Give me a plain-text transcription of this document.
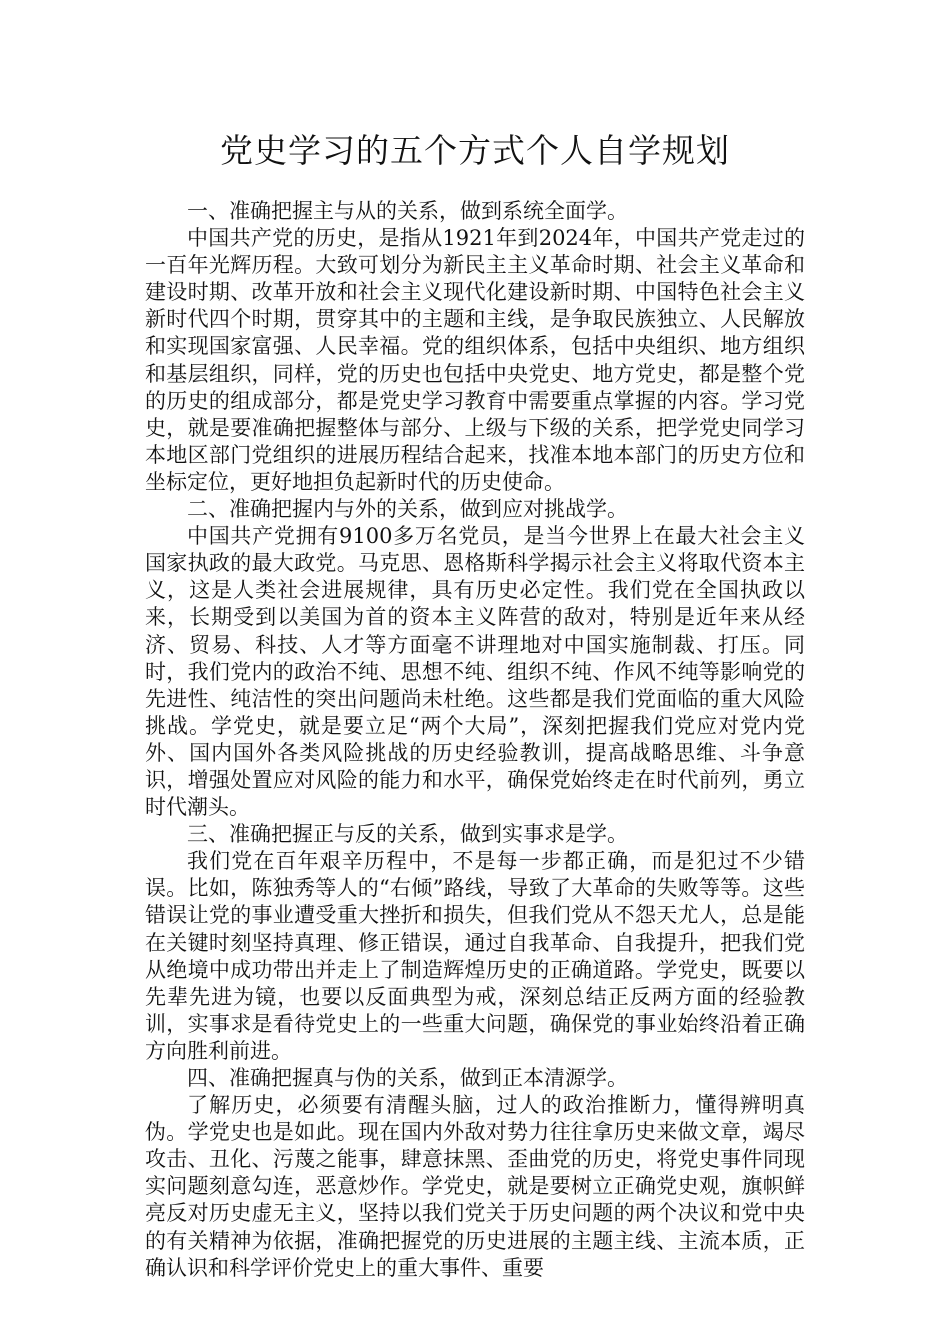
党史学习的五个方式个人自学规划

一、准确把握主与从的关系，做到系统全面学。

中国共产党的历史，是指从1921年到2024年，中国共产党走过的一百年光辉历程。大致可划分为新民主主义革命时期、社会主义革命和建设时期、改革开放和社会主义现代化建设新时期、中国特色社会主义新时代四个时期，贯穿其中的主题和主线，是争取民族独立、人民解放和实现国家富强、人民幸福。党的组织体系，包括中央组织、地方组织和基层组织，同样，党的历史也包括中央党史、地方党史，都是整个党的历史的组成部分，都是党史学习教育中需要重点掌握的内容。学习党史，就是要准确把握整体与部分、上级与下级的关系，把学党史同学习本地区部门党组织的进展历程结合起来，找准本地本部门的历史方位和坐标定位，更好地担负起新时代的历史使命。

二、准确把握内与外的关系，做到应对挑战学。

中国共产党拥有9100多万名党员，是当今世界上在最大社会主义国家执政的最大政党。马克思、恩格斯科学揭示社会主义将取代资本主义，这是人类社会进展规律，具有历史必定性。我们党在全国执政以来，长期受到以美国为首的资本主义阵营的敌对，特别是近年来从经济、贸易、科技、人才等方面毫不讲理地对中国实施制裁、打压。同时，我们党内的政治不纯、思想不纯、组织不纯、作风不纯等影响党的先进性、纯洁性的突出问题尚未杜绝。这些都是我们党面临的重大风险挑战。学党史，就是要立足“两个大局”，深刻把握我们党应对党内党外、国内国外各类风险挑战的历史经验教训，提高战略思维、斗争意识，增强处置应对风险的能力和水平，确保党始终走在时代前列，勇立时代潮头。

三、准确把握正与反的关系，做到实事求是学。

我们党在百年艰辛历程中，不是每一步都正确，而是犯过不少错误。比如，陈独秀等人的“右倾”路线，导致了大革命的失败等等。这些错误让党的事业遭受重大挫折和损失，但我们党从不怨天尤人，总是能在关键时刻坚持真理、修正错误，通过自我革命、自我提升，把我们党从绝境中成功带出并走上了制造辉煌历史的正确道路。学党史，既要以先辈先进为镜，也要以反面典型为戒，深刻总结正反两方面的经验教训，实事求是看待党史上的一些重大问题，确保党的事业始终沿着正确方向胜利前进。

四、准确把握真与伪的关系，做到正本清源学。

了解历史，必须要有清醒头脑，过人的政治推断力，懂得辨明真伪。学党史也是如此。现在国内外敌对势力往往拿历史来做文章，竭尽攻击、丑化、污蔑之能事，肆意抹黑、歪曲党的历史，将党史事件同现实问题刻意勾连，恶意炒作。学党史，就是要树立正确党史观，旗帜鲜亮反对历史虚无主义，坚持以我们党关于历史问题的两个决议和党中央的有关精神为依据，准确把握党的历史进展的主题主线、主流本质，正确认识和科学评价党史上的重大事件、重要
